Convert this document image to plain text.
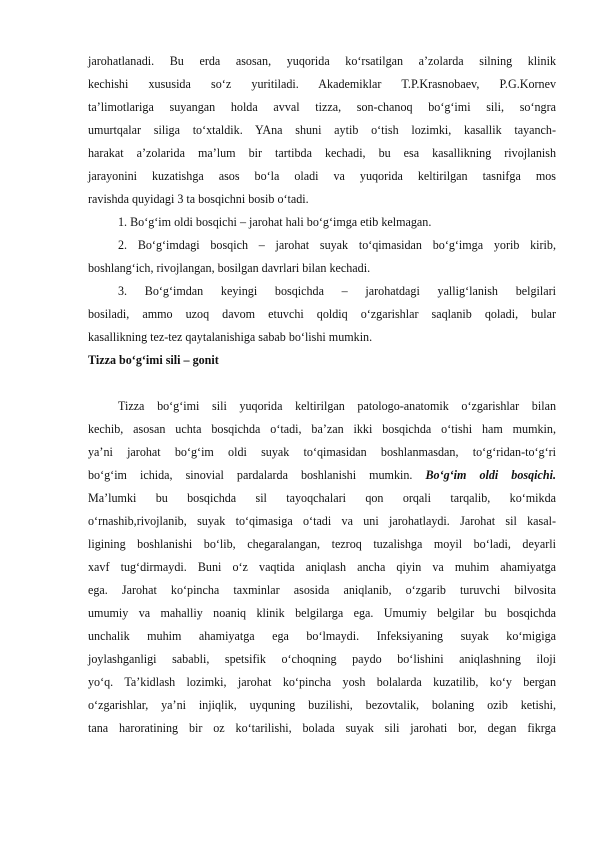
jarohatlanadi. Bu erda asosan, yuqorida ko‘rsatilgan a’zolarda silning klinik
kechishi xususida so‘z yuritiladi. Akademiklar T.P.Krasnobaev, P.G.Kornev
ta’limotlariga suyangan holda avval tizza, son-chanoq bo‘g‘imi sili, so‘ngra
umurtqalar siliga to‘xtaldik. YAna shuni aytib o‘tish lozimki, kasallik tayanch-
harakat a’zolarida ma’lum bir tartibda kechadi, bu esa kasallikning rivojlanish
jarayonini kuzatishga asos bo‘la oladi va yuqorida keltirilgan tasnifga mos
ravishda quyidagi 3 ta bosqichni bosib o‘tadi.
1. Bo‘g‘im oldi bosqichi – jarohat hali bo‘g‘imga etib kelmagan.
2. Bo‘g‘imdagi bosqich – jarohat suyak to‘qimasidan bo‘g‘imga yorib kirib,
boshlang‘ich, rivojlangan, bosilgan davrlari bilan kechadi.
3. Bo‘g‘imdan keyingi bosqichda – jarohatdagi yallig‘lanish belgilari
bosiladi, ammo uzoq davom etuvchi qoldiq o‘zgarishlar saqlanib qoladi, bular
kasallikning tez-tez qaytalanishiga sabab bo‘lishi mumkin.
Tizza bo‘g‘imi sili – gonit
Tizza bo‘g‘imi sili yuqorida keltirilgan patologo-anatomik o‘zgarishlar bilan
kechib, asosan uchta bosqichda o‘tadi, ba’zan ikki bosqichda o‘tishi ham mumkin,
ya’ni jarohat bo‘g‘im oldi suyak to‘qimasidan boshlanmasdan, to‘g‘ridan-to‘g‘ri
bo‘g‘im ichida, sinovial pardalarda boshlanishi mumkin. Bo‘g‘im oldi bosqichi.
Ma’lumki bu bosqichda sil tayoqchalari qon orqali tarqalib, ko‘mikda
o‘rnashib,rivojlanib, suyak to‘qimasiga o‘tadi va uni jarohatlaydi. Jarohat sil kasal-
ligining boshlanishi bo‘lib, chegaralangan, tezroq tuzalishga moyil bo‘ladi, deyarli
xavf tug‘dirmaydi. Buni o‘z vaqtida aniqlash ancha qiyin va muhim ahamiyatga
ega. Jarohat ko‘pincha taxminlar asosida aniqlanib, o‘zgarib turuvchi bilvosita
umumiy va mahalliy noaniq klinik belgilarga ega. Umumiy belgilar bu bosqichda
unchalik muhim ahamiyatga ega bo‘lmaydi. Infeksiyaning suyak ko‘migiga
joylashganligi sababli, spetsifik o‘choqning paydo bo‘lishini aniqlashning iloji
yo‘q. Ta’kidlash lozimki, jarohat ko‘pincha yosh bolalarda kuzatilib, ko‘y bergan
o‘zgarishlar, ya’ni injiqlik, uyquning buzilishi, bezovtalik, bolaning ozib ketishi,
tana haroratining bir oz ko‘tarilishi, bolada suyak sili jarohati bor, degan fikrga
